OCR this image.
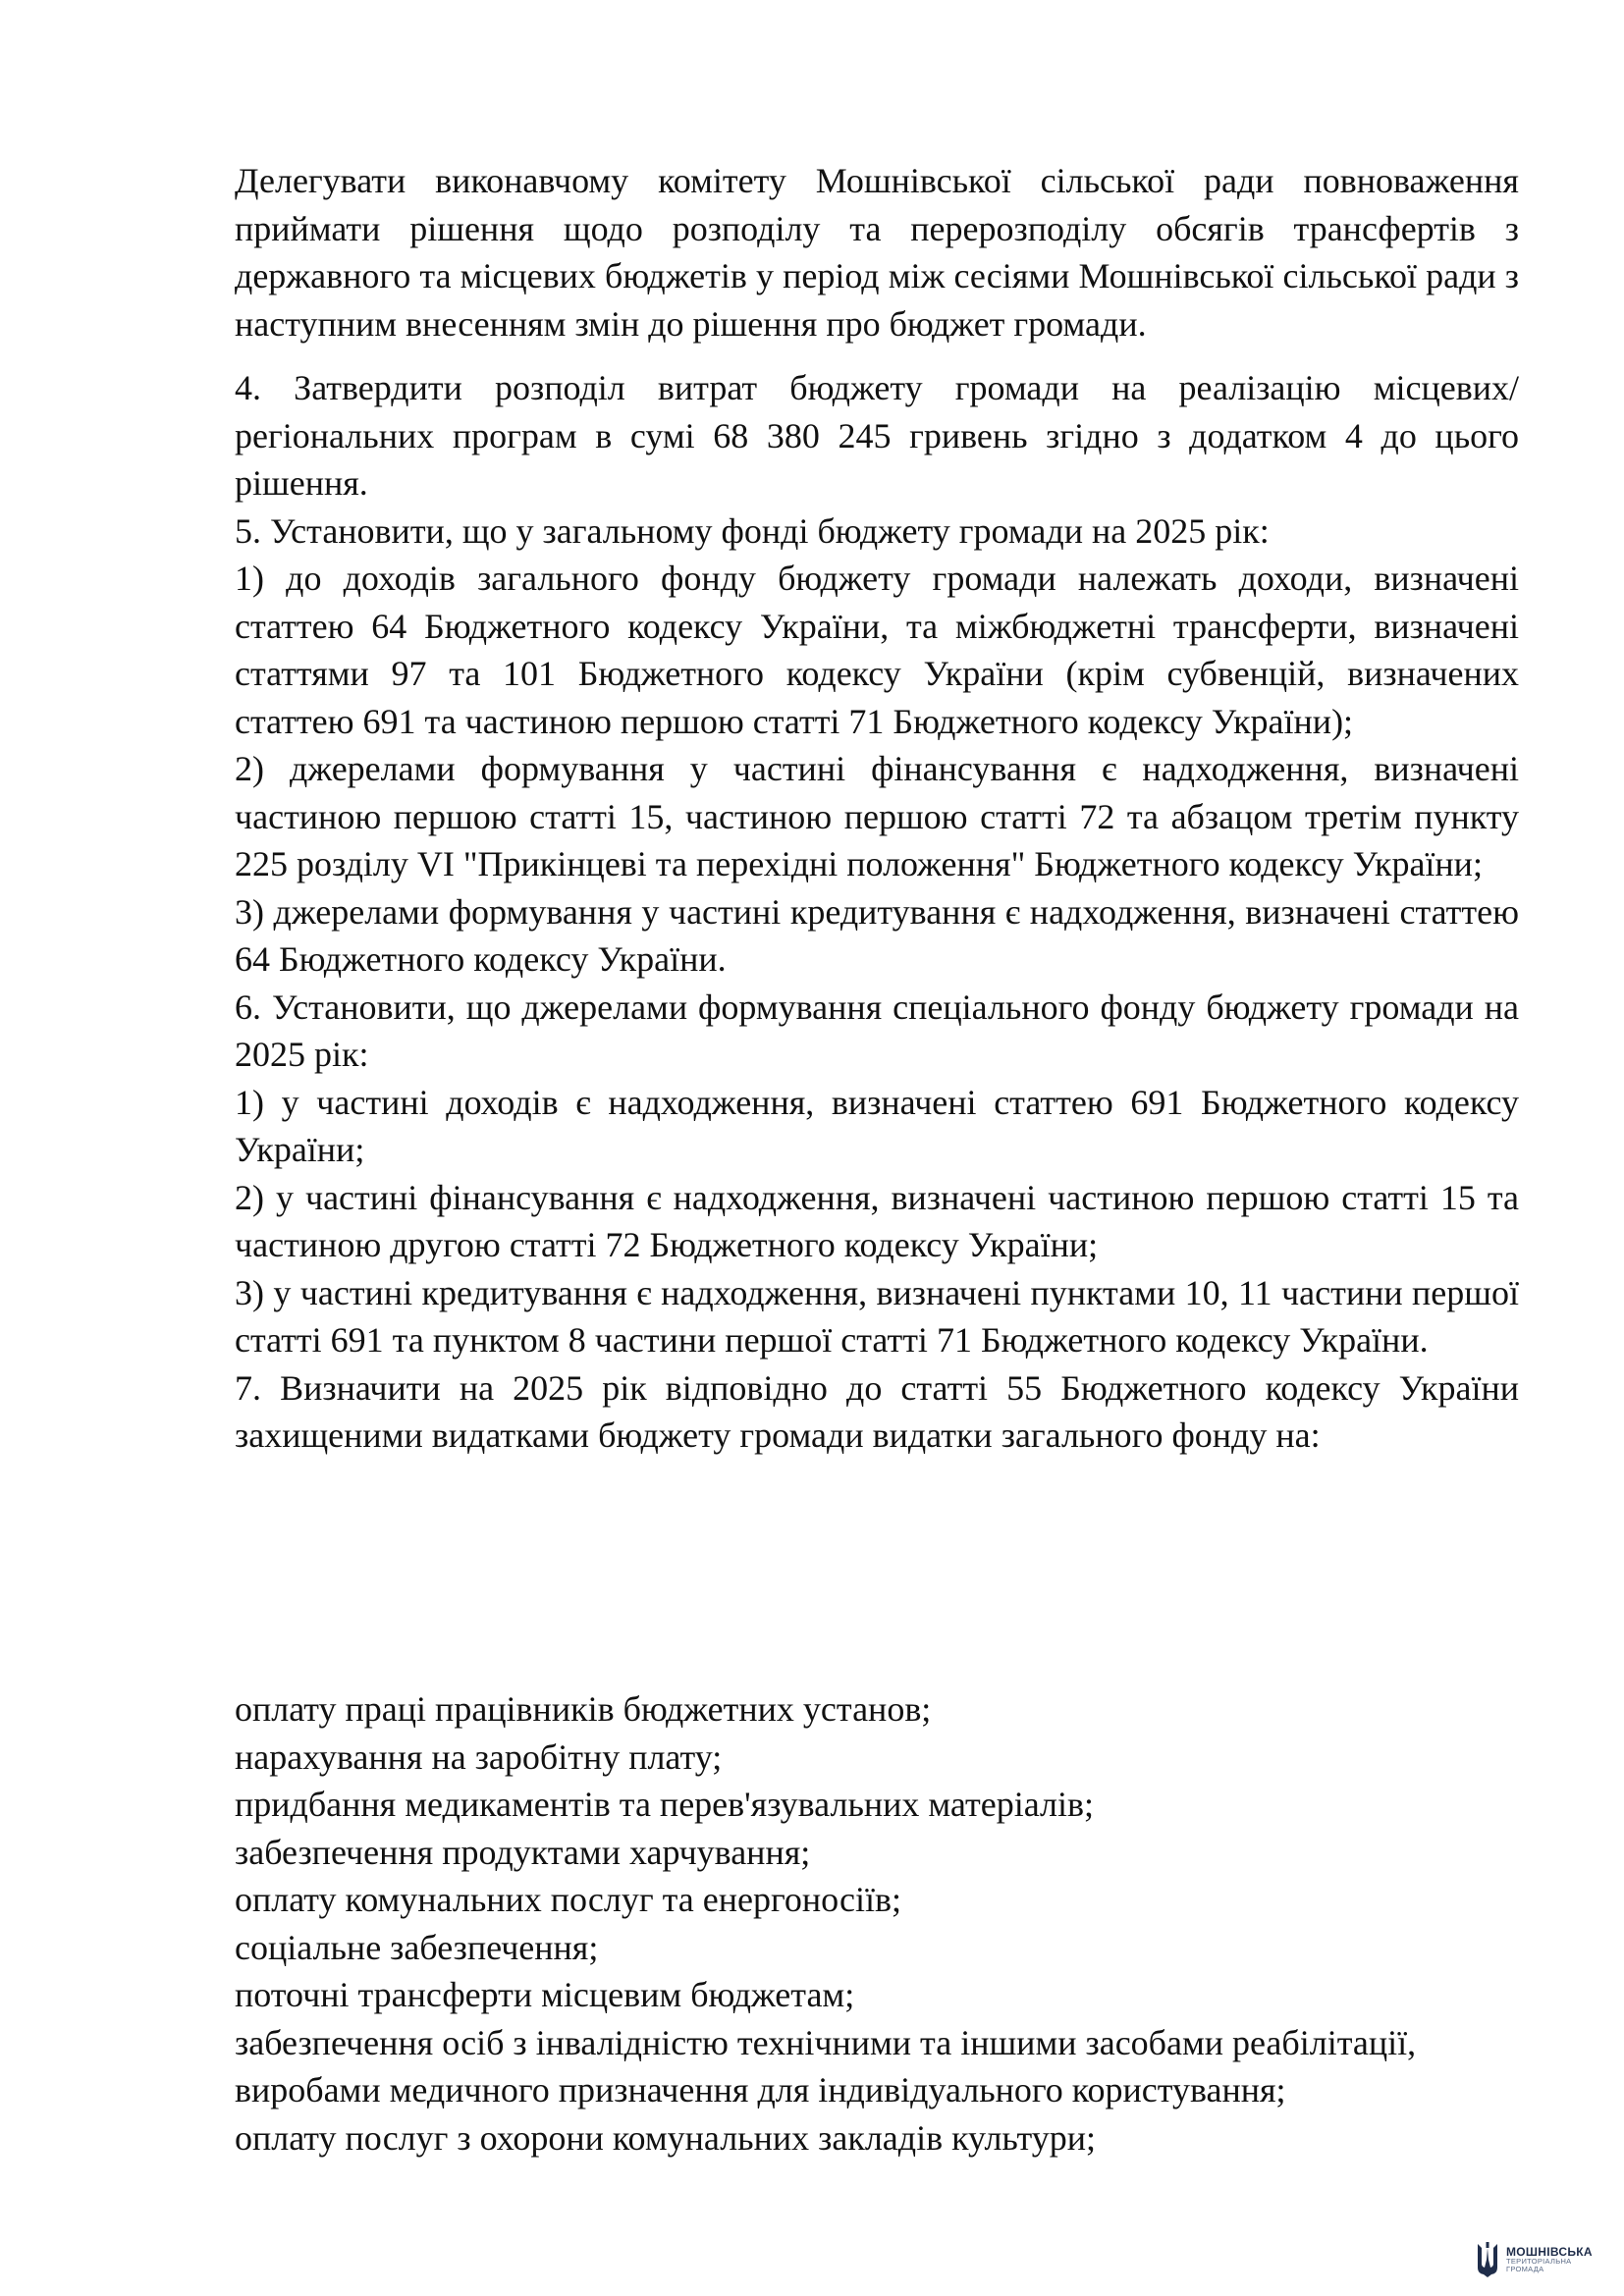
Делегувати виконавчому комітету Мошнівської сільської ради повноваження приймати рішення щодо розподілу та перерозподілу обсягів трансфертів з державного та місцевих бюджетів у період між сесіями Мошнівської сільської ради з наступним внесенням змін до рішення про бюджет громади.

4. Затвердити розподіл витрат бюджету громади на реалізацію місцевих/регіональних програм в сумі 68 380 245 гривень згідно з додатком 4 до цього рішення.

5. Установити, що у загальному фонді бюджету громади на 2025 рік:

1) до доходів загального фонду бюджету громади належать доходи, визначені статтею 64 Бюджетного кодексу України, та міжбюджетні трансферти, визначені статтями 97 та 101 Бюджетного кодексу України (крім субвенцій, визначених статтею 691 та частиною першою статті 71 Бюджетного кодексу України);

2) джерелами формування у частині фінансування є надходження, визначені частиною першою статті 15, частиною першою статті 72 та абзацом третім пункту 225 розділу VI "Прикінцеві та перехідні положення" Бюджетного кодексу України;

3) джерелами формування у частині кредитування є надходження, визначені статтею 64 Бюджетного кодексу України.

6. Установити, що джерелами формування спеціального фонду бюджету громади на 2025 рік:

1) у частині доходів є надходження, визначені статтею 691 Бюджетного кодексу України;

2) у частині фінансування є надходження, визначені частиною першою статті 15 та частиною другою статті 72 Бюджетного кодексу України;

3) у частині кредитування є надходження, визначені пунктами 10, 11 частини першої статті 691 та пунктом 8 частини першої статті 71 Бюджетного кодексу України.

7. Визначити на 2025 рік відповідно до статті 55 Бюджетного кодексу України захищеними видатками бюджету громади видатки загального фонду на:

оплату праці працівників бюджетних установ;
нарахування на заробітну плату;
придбання медикаментів та перев'язувальних матеріалів;
забезпечення продуктами харчування;
оплату комунальних послуг та енергоносіїв;
соціальне забезпечення;
поточні трансферти місцевим бюджетам;
забезпечення осіб з інвалідністю технічними та іншими засобами реабілітації,
виробами медичного призначення для індивідуального користування;
оплату послуг з охорони комунальних закладів культури;
МОШНІВСЬКА
ТЕРИТОРІАЛЬНА
ГРОМАДА
